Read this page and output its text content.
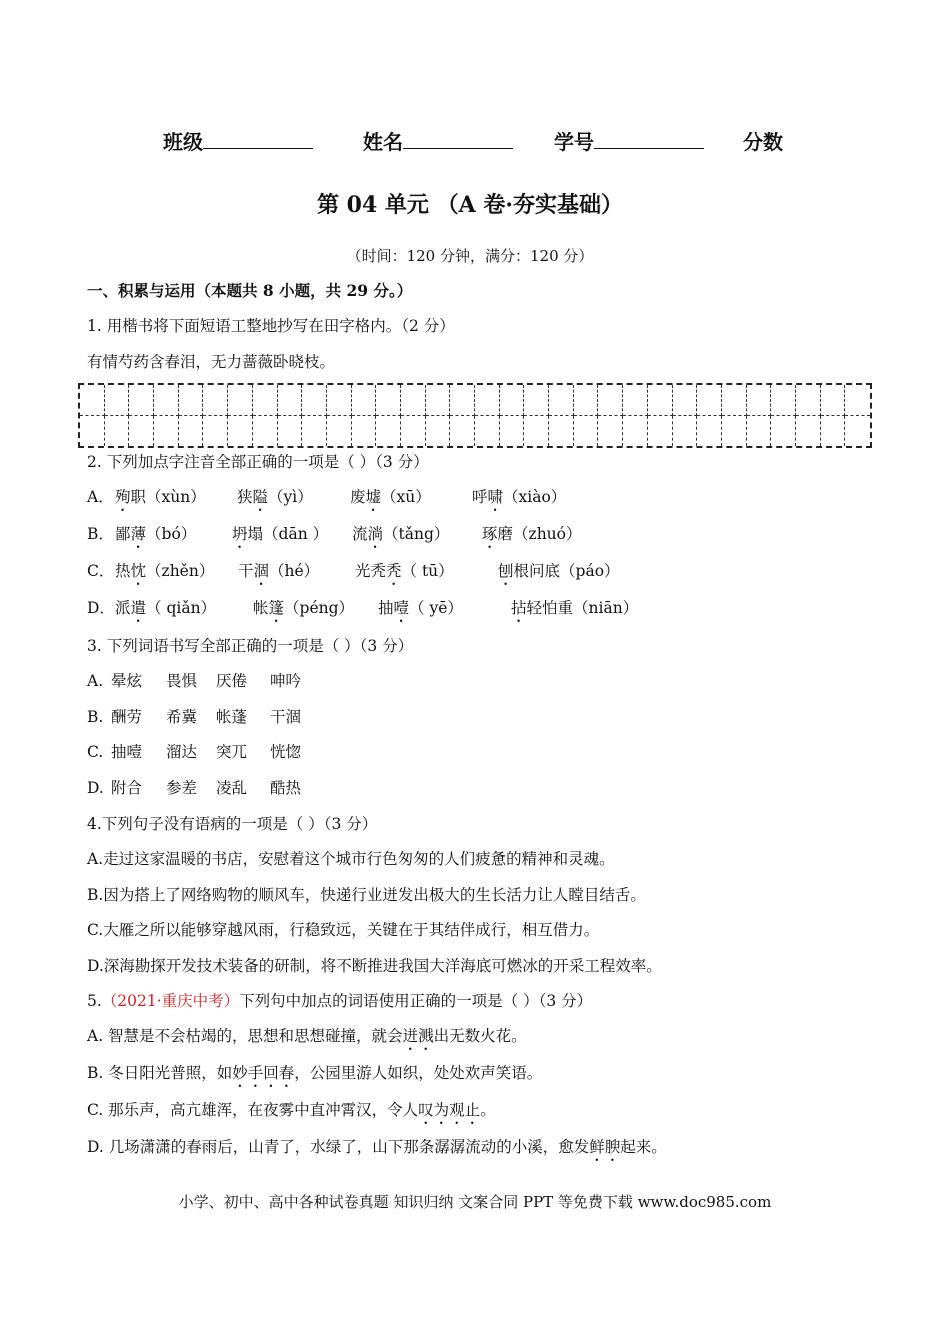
班级	姓名	学号	分数
第 04 单元 （A 卷·夯实基础）
（时间：120 分钟，满分：120 分）
一、积累与运用（本题共 8 小题，共 29 分。）
1. 用楷书将下面短语工整地抄写在田字格内。（2 分）
有情芍药含春泪，无力蔷薇卧晓枝。
2. 下列加点字注音全部正确的一项是（ ）（3 分）
A． 殉职（xùn） 狭隘（yì） 废墟（xū）	呼啸（xiào）
B． 鄙薄（bó） 坍塌（dān ） 流淌（tǎng） 琢磨（zhuó）
C． 热忱（zhěn） 干涸（hé） 光秃秃（ tū）	刨根问底（páo）
D． 派遣（ qiǎn） 帐篷（péng） 抽噎（ yē）	拈轻怕重（niān）
3. 下列词语书写全部正确的一项是（ ）（3 分）
A. 晕炫 畏惧 厌倦 呻吟
B. 酬劳 希冀 帐蓬 干涸
C. 抽噎 溜达 突兀 恍惚
D. 附合 参差 凌乱 酷热
4.下列句子没有语病的一项是（ ）（3 分）
A.走过这家温暖的书店，安慰着这个城市行色匆匆的人们疲惫的精神和灵魂。
B.因为搭上了网络购物的顺风车，快递行业迸发出极大的生长活力让人瞠目结舌。
C.大雁之所以能够穿越风雨，行稳致远，关键在于其结伴成行，相互借力。
D.深海勘探开发技术装备的研制，将不断推进我国大洋海底可燃冰的开采工程效率。
5.（2021·重庆中考）下列句中加点的词语使用正确的一项是（ ）（3 分）
A. 智慧是不会枯竭的，思想和思想碰撞，就会迸溅出无数火花。
B. 冬日阳光普照，如妙手回春，公园里游人如织，处处欢声笑语。
C. 那乐声，高亢雄浑，在夜雾中直冲霄汉，令人叹为观止。
D. 几场潇潇的春雨后，山青了，水绿了，山下那条潺潺流动的小溪，愈发鲜腴起来。
小学、初中、高中各种试卷真题 知识归纳 文案合同 PPT 等免费下载 www.doc985.com
